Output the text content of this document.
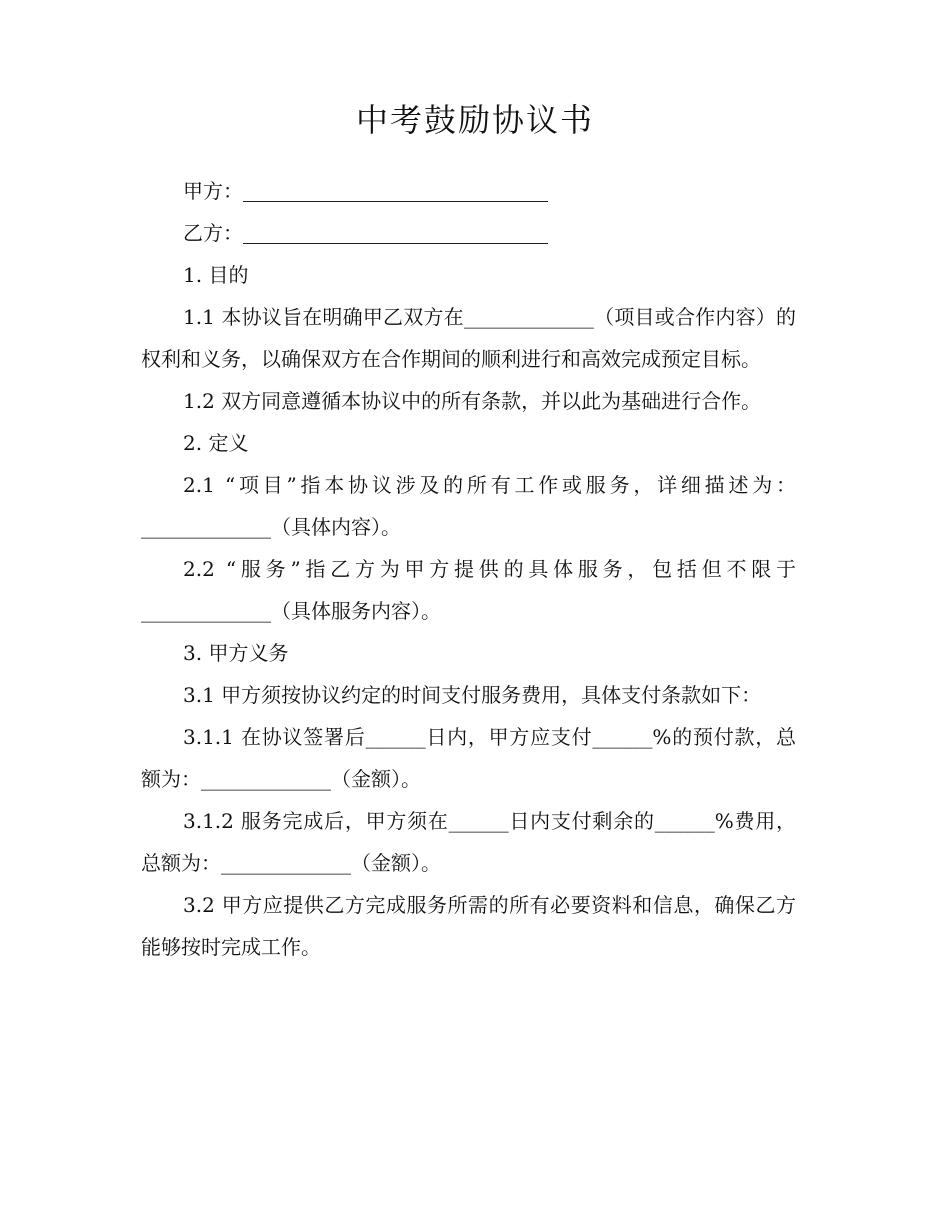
中考鼓励协议书

甲方：

乙方：

1. 目的

1.1 本协议旨在明确甲乙双方在_____________（项目或合作内容）的权利和义务，以确保双方在合作期间的顺利进行和高效完成预定目标。

1.2 双方同意遵循本协议中的所有条款，并以此为基础进行合作。

2. 定义

2.1 “项目”指本协议涉及的所有工作或服务，详细描述为：_____________（具体内容）。

2.2 “服务”指乙方为甲方提供的具体服务，包括但不限于_____________（具体服务内容）。

3. 甲方义务

3.1 甲方须按协议约定的时间支付服务费用，具体支付条款如下：

3.1.1 在协议签署后______日内，甲方应支付______%的预付款，总额为：_____________（金额）。

3.1.2 服务完成后，甲方须在______日内支付剩余的______%费用，总额为：_____________（金额）。

3.2 甲方应提供乙方完成服务所需的所有必要资料和信息，确保乙方能够按时完成工作。
